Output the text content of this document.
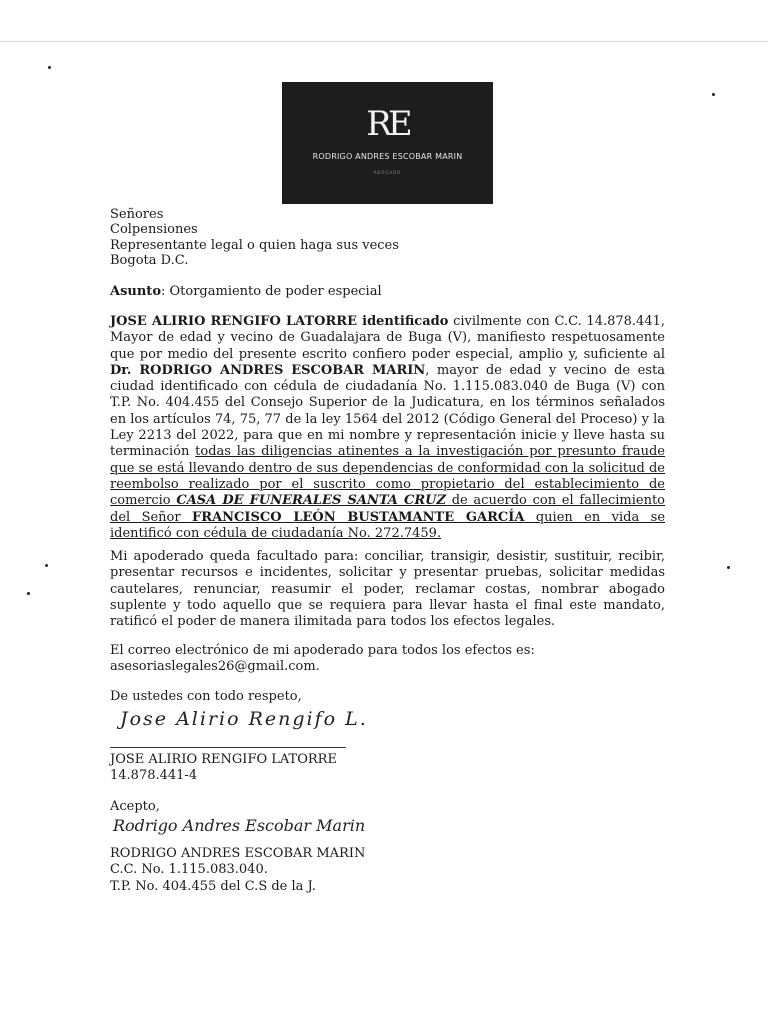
RE
RODRIGO ANDRES ESCOBAR MARIN
ABOGADO
Señores
Colpensiones
Representante legal o quien haga sus veces
Bogota D.C.
Asunto: Otorgamiento de poder especial
JOSE ALIRIO RENGIFO LATORRE identificado civilmente con C.C. 14.878.441, Mayor de edad y vecino de Guadalajara de Buga (V), manifiesto respetuosamente que por medio del presente escrito confiero poder especial, amplio y, suficiente al Dr. RODRIGO ANDRES ESCOBAR MARIN, mayor de edad y vecino de esta ciudad identificado con cédula de ciudadanía No. 1.115.083.040 de Buga (V) con T.P. No. 404.455 del Consejo Superior de la Judicatura, en los términos señalados en los artículos 74, 75, 77 de la ley 1564 del 2012 (Código General del Proceso) y la Ley 2213 del 2022, para que en mi nombre y representación inicie y lleve hasta su terminación todas las diligencias atinentes a la investigación por presunto fraude que se está llevando dentro de sus dependencias de conformidad con la solicitud de reembolso realizado por el suscrito como propietario del establecimiento de comercio CASA DE FUNERALES SANTA CRUZ de acuerdo con el fallecimiento del Señor FRANCISCO LEÓN BUSTAMANTE GARCÍA quien en vida se identificó con cédula de ciudadanía No. 272.7459.
Mi apoderado queda facultado para: conciliar, transigir, desistir, sustituir, recibir, presentar recursos e incidentes, solicitar y presentar pruebas, solicitar medidas cautelares, renunciar, reasumir el poder, reclamar costas, nombrar abogado suplente y todo aquello que se requiera para llevar hasta el final este mandato, ratificó el poder de manera ilimitada para todos los efectos legales.
El correo electrónico de mi apoderado para todos los efectos es:
asesoriaslegales26@gmail.com.
De ustedes con todo respeto,
Jose Alirio Rengifo L.
JOSE ALIRIO RENGIFO LATORRE
14.878.441-4
Acepto,
Rodrigo Andres Escobar Marin
RODRIGO ANDRES ESCOBAR MARIN
C.C. No. 1.115.083.040.
T.P. No. 404.455 del C.S de la J.
